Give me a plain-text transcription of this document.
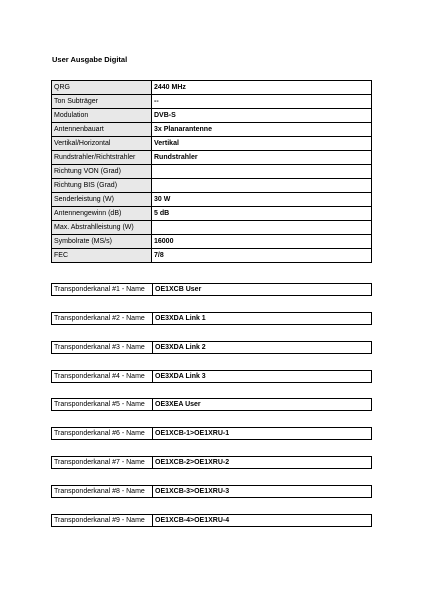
User Ausgabe Digital
QRG	2440 MHz
Ton Subträger	--
Modulation	DVB-S
Antennenbauart	3x Planarantenne
Vertikal/Horizontal	Vertikal
Rundstrahler/Richtstrahler	Rundstrahler
Richtung VON (Grad)	
Richtung BIS (Grad)	
Senderleistung (W)	30 W
Antennengewinn (dB)	5 dB
Max. Abstrahlleistung (W)	
Symbolrate (MS/s)	16000
FEC	7/8
Transponderkanal #1 - Name	OE1XCB User
Transponderkanal #2 - Name	OE3XDA Link 1
Transponderkanal #3 - Name	OE3XDA Link 2
Transponderkanal #4 - Name	OE3XDA Link 3
Transponderkanal #5 - Name	OE3XEA User
Transponderkanal #6 - Name	OE1XCB-1>OE1XRU-1
Transponderkanal #7 - Name	OE1XCB-2>OE1XRU-2
Transponderkanal #8 - Name	OE1XCB-3>OE1XRU-3
Transponderkanal #9 - Name	OE1XCB-4>OE1XRU-4
